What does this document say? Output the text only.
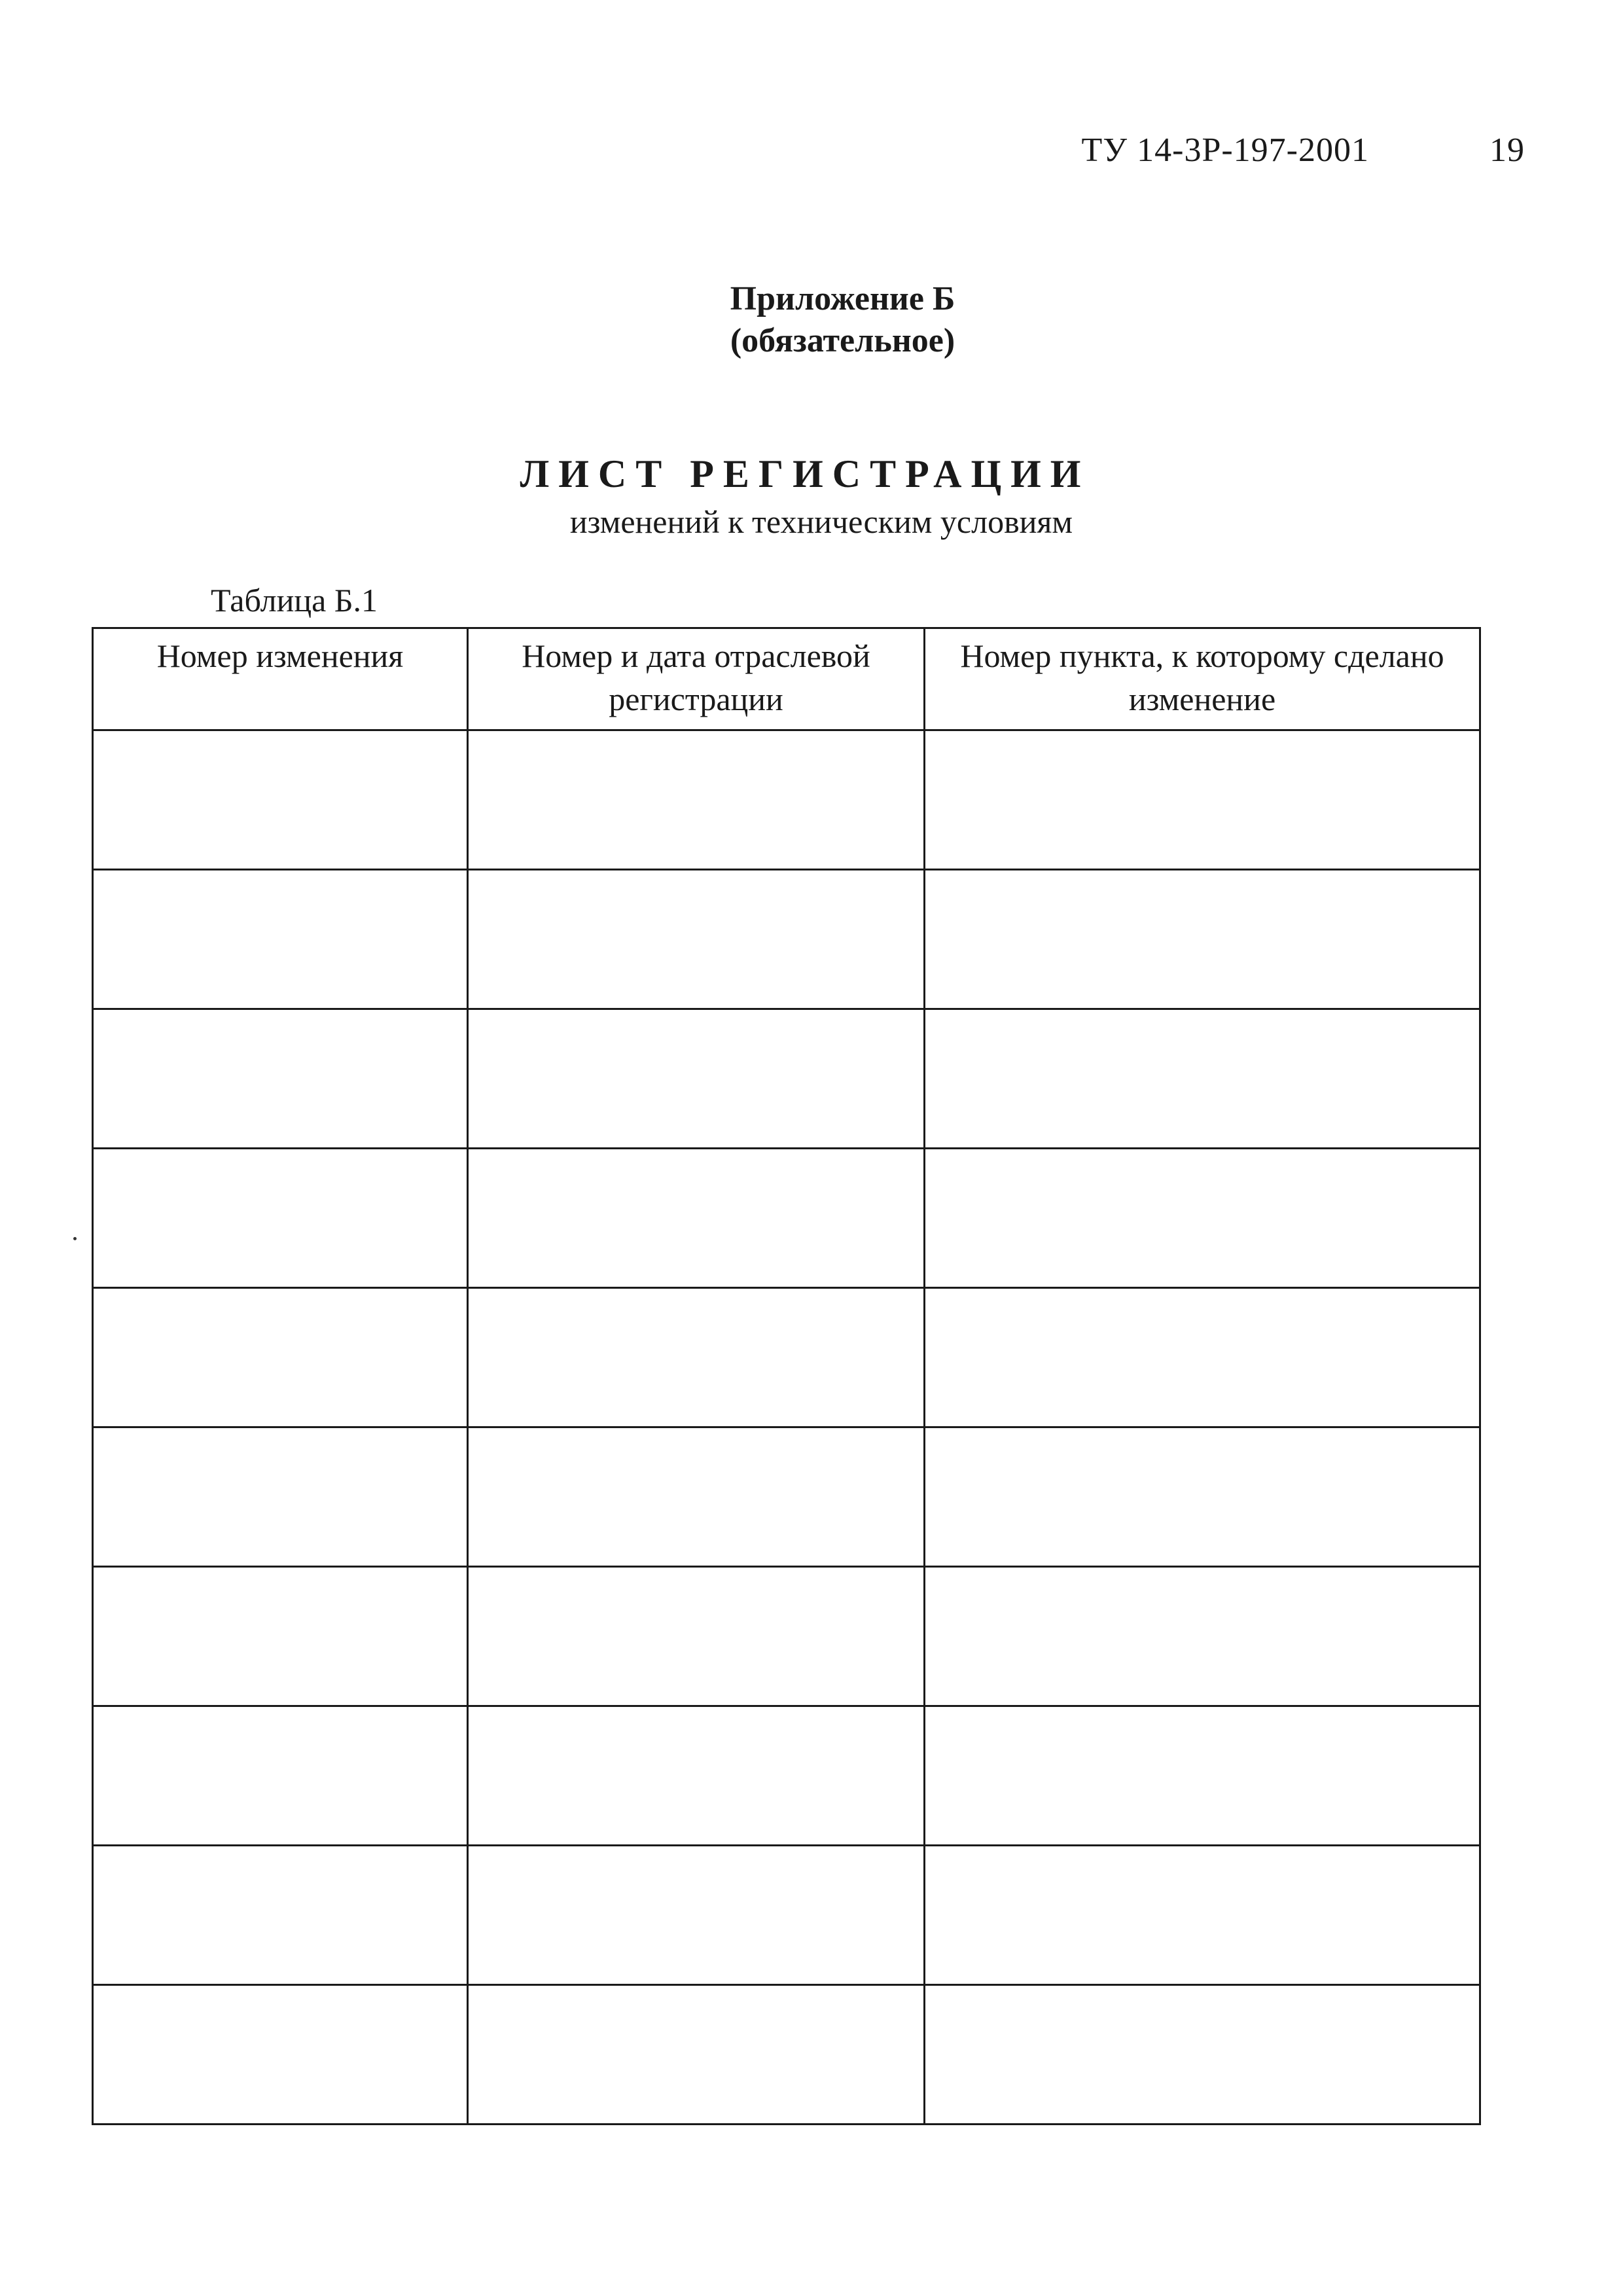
ТУ 14-3Р-197-2001	19
Приложение Б
(обязательное)
ЛИСТ РЕГИСТРАЦИИ
изменений к техническим условиям
Таблица Б.1
Номер изменения	Номер и дата отраслевой регистрации	Номер пункта, к которому сделано изменение
